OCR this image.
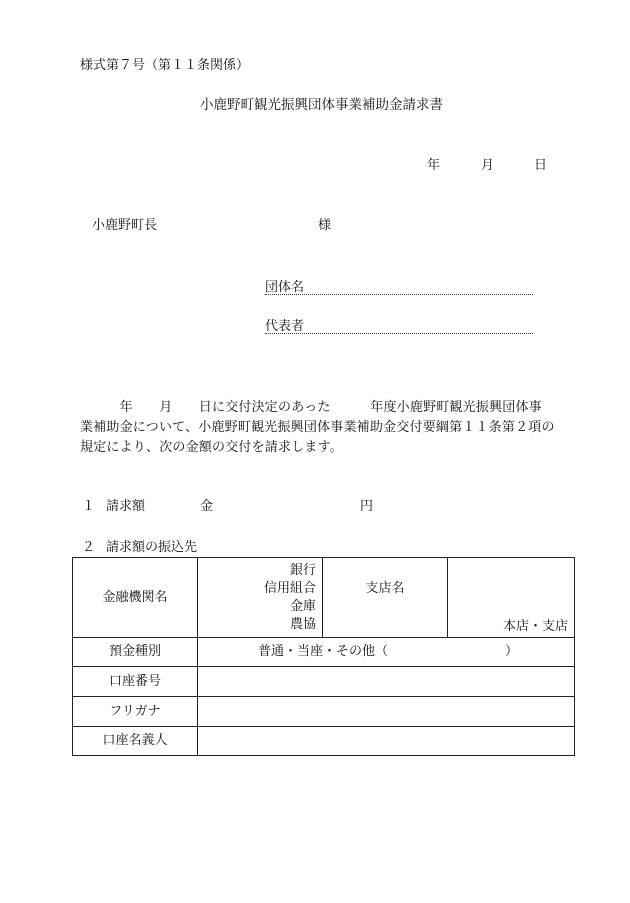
様式第７号（第１１条関係）
小鹿野町観光振興団体事業補助金請求書
年	月	日
小鹿野町長	様
団体名
代表者
　　　年　　月　　日に交付決定のあった　　　年度小鹿野町観光振興団体事
業補助金について、小鹿野町観光振興団体事業補助金交付要綱第１１条第２項の
規定により、次の金額の交付を請求します。
１ 請求額	金	円
２ 請求額の振込先
金融機関名	銀行
信用組合
金庫
農協	支店名	本店・支店
預金種別	普通・当座・その他（　　　　　　　　　）		
口座番号			
フリガナ			
口座名義人			
